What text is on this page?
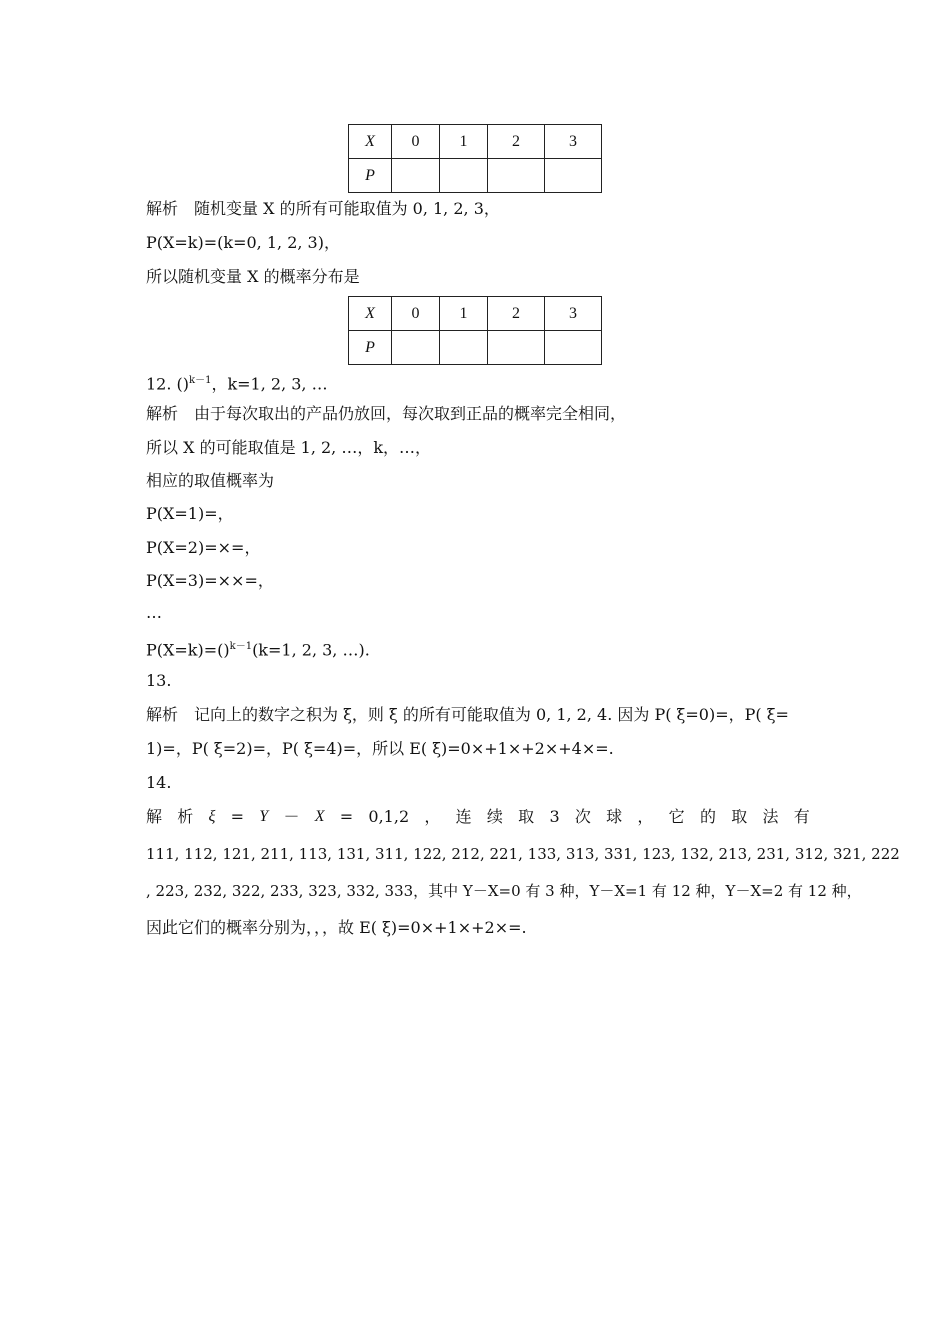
X	0	1	2	3
P				
解析　随机变量 X 的所有可能取值为 0, 1, 2, 3，
P(X=k)=(k=0, 1, 2, 3)，
所以随机变量 X 的概率分布是
X	0	1	2	3
P				
12. ()$^{k-1}$，k=1, 2, 3, …
解析　由于每次取出的产品仍放回，每次取到正品的概率完全相同，
所以 X 的可能取值是 1, 2, …，k，…，
相应的取值概率为
P(X=1)=，
P(X=2)=×=，
P(X=3)=××=，
…
P(X=k)=()$^{k-1}$(k=1, 2, 3, …).
13.
解析　记向上的数字之积为 ξ，则 ξ 的所有可能取值为 0, 1, 2, 4. 因为 P( ξ=0)=，P( ξ=
1)=，P( ξ=2)=，P( ξ=4)=，所以 E( ξ)=0×+1×+2×+4×=.
14.
解 析 ξ = Y － X = 0,1,2 ， 连 续 取 3 次 球 ， 它 的 取 法 有
111, 112, 121, 211, 113, 131, 311, 122, 212, 221, 133, 313, 331, 123, 132, 213, 231, 312, 321, 222
, 223, 232, 322, 233, 323, 332, 333，其中 Y－X=0 有 3 种，Y－X=1 有 12 种，Y－X=2 有 12 种，
因此它们的概率分别为，，，故 E( ξ)=0×+1×+2×=.
